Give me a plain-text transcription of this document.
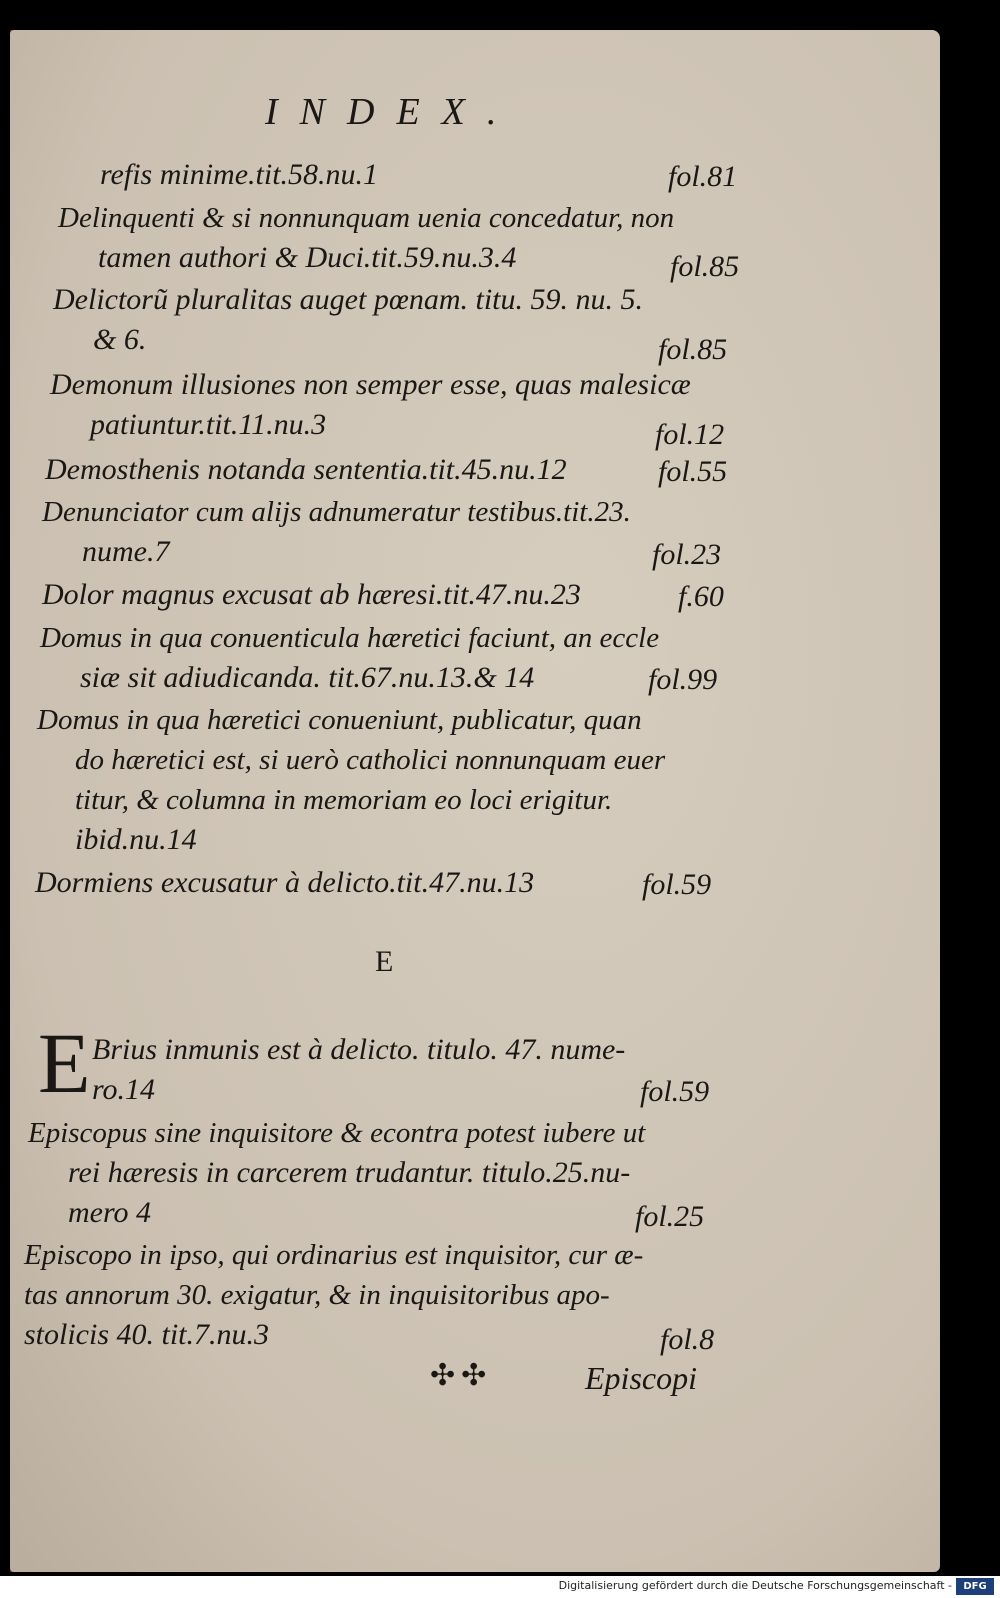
INDEX.
refis minime.tit.58.nu.1	fol.81
Delinquenti & si nonnunquam uenia concedatur, non
tamen authori & Duci.tit.59.nu.3.4	fol.85
Delictorũ pluralitas auget pœnam. titu. 59. nu. 5.
& 6.	fol.85
Demonum illusiones non semper esse, quas malesicæ
patiuntur.tit.11.nu.3	fol.12
Demosthenis notanda sententia.tit.45.nu.12	fol.55
Denunciator cum alijs adnumeratur testibus.tit.23.
nume.7	fol.23
Dolor magnus excusat ab hæresi.tit.47.nu.23	f.60
Domus in qua conuenticula hæretici faciunt, an eccle
siæ sit adiudicanda. tit.67.nu.13.& 14	fol.99
Domus in qua hæretici conueniunt, publicatur, quan
do hæretici est, si uerò catholici nonnunquam euer
titur, & columna in memoriam eo loci erigitur.
ibid.nu.14
Dormiens excusatur à delicto.tit.47.nu.13	fol.59
E
E Brius inmunis est à delicto. titulo. 47. nume-
ro.14	fol.59
Episcopus sine inquisitore & econtra potest iubere ut
rei hæresis in carcerem trudantur. titulo.25.nu-
mero 4	fol.25
Episcopo in ipso, qui ordinarius est inquisitor, cur æ-
tas annorum 30. exigatur, & in inquisitoribus apo-
stolicis 40. tit.7.nu.3	fol.8
✣✣	Episcopi
Digitalisierung gefördert durch die Deutsche Forschungsgemeinschaft -	DFG
